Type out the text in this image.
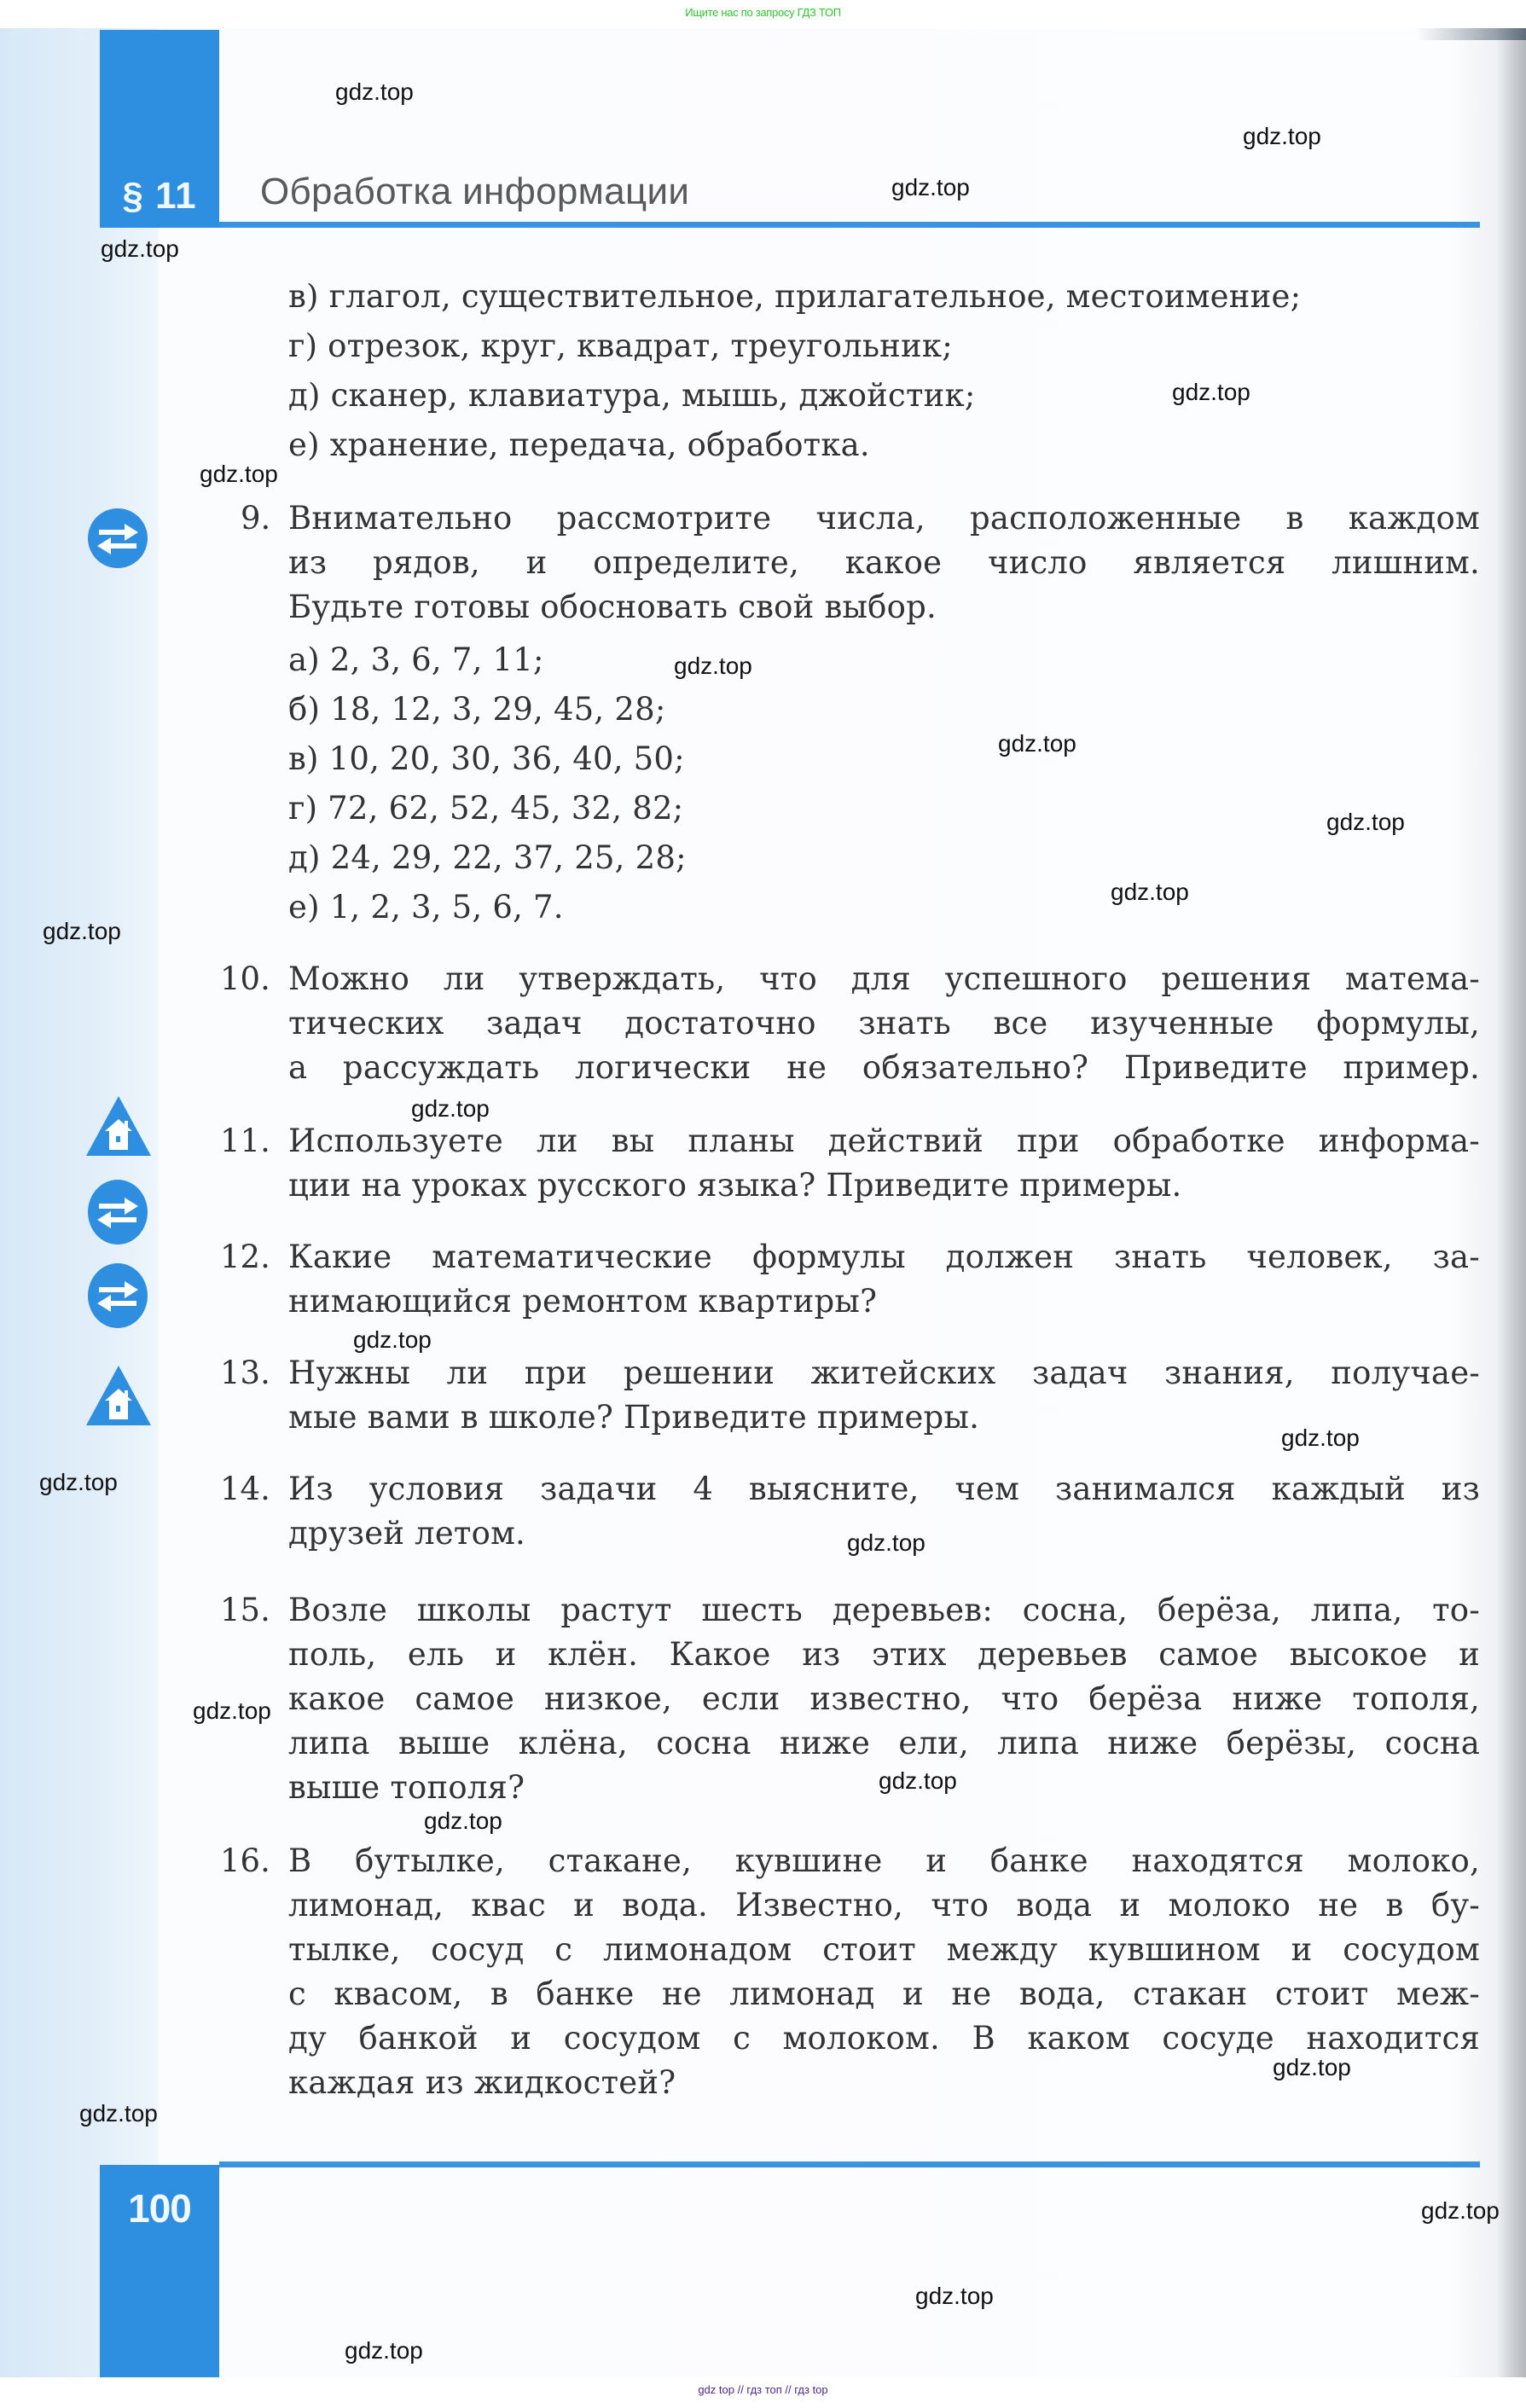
Ищите нас по запросу ГДЗ ТОП
§ 11	Обработка информации
в) глагол, существительное, прилагательное, местоимение;
г) отрезок, круг, квадрат, треугольник;
д) сканер, клавиатура, мышь, джойстик;
е) хранение, передача, обработка.
9. Внимательно рассмотрите числа, расположенные в каждом
из рядов, и определите, какое число является лишним.
Будьте готовы обосновать свой выбор.
а) 2, 3, 6, 7, 11;
б) 18, 12, 3, 29, 45, 28;
в) 10, 20, 30, 36, 40, 50;
г) 72, 62, 52, 45, 32, 82;
д) 24, 29, 22, 37, 25, 28;
е) 1, 2, 3, 5, 6, 7.
10. Можно ли утверждать, что для успешного решения матема-
тических задач достаточно знать все изученные формулы,
а рассуждать логически не обязательно? Приведите пример.
11. Используете ли вы планы действий при обработке информа-
ции на уроках русского языка? Приведите примеры.
12. Какие математические формулы должен знать человек, за-
нимающийся ремонтом квартиры?
13. Нужны ли при решении житейских задач знания, получае-
мые вами в школе? Приведите примеры.
14. Из условия задачи 4 выясните, чем занимался каждый из
друзей летом.
15. Возле школы растут шесть деревьев: сосна, берёза, липа, то-
поль, ель и клён. Какое из этих деревьев самое высокое и
какое самое низкое, если известно, что берёза ниже тополя,
липа выше клёна, сосна ниже ели, липа ниже берёзы, сосна
выше тополя?
16. В бутылке, стакане, кувшине и банке находятся молоко,
лимонад, квас и вода. Известно, что вода и молоко не в бу-
тылке, сосуд с лимонадом стоит между кувшином и сосудом
с квасом, в банке не лимонад и не вода, стакан стоит меж-
ду банкой и сосудом с молоком. В каком сосуде находится
каждая из жидкостей?
100
gdz.top
gdz.top
gdz.top
gdz.top
gdz.top
gdz.top
gdz.top
gdz.top
gdz.top
gdz.top
gdz.top
gdz.top
gdz.top
gdz.top
gdz.top
gdz.top
gdz.top
gdz.top
gdz.top
gdz.top
gdz.top
gdz.top
gdz.top
gdz.top
gdz top // гдз топ // гдз top
